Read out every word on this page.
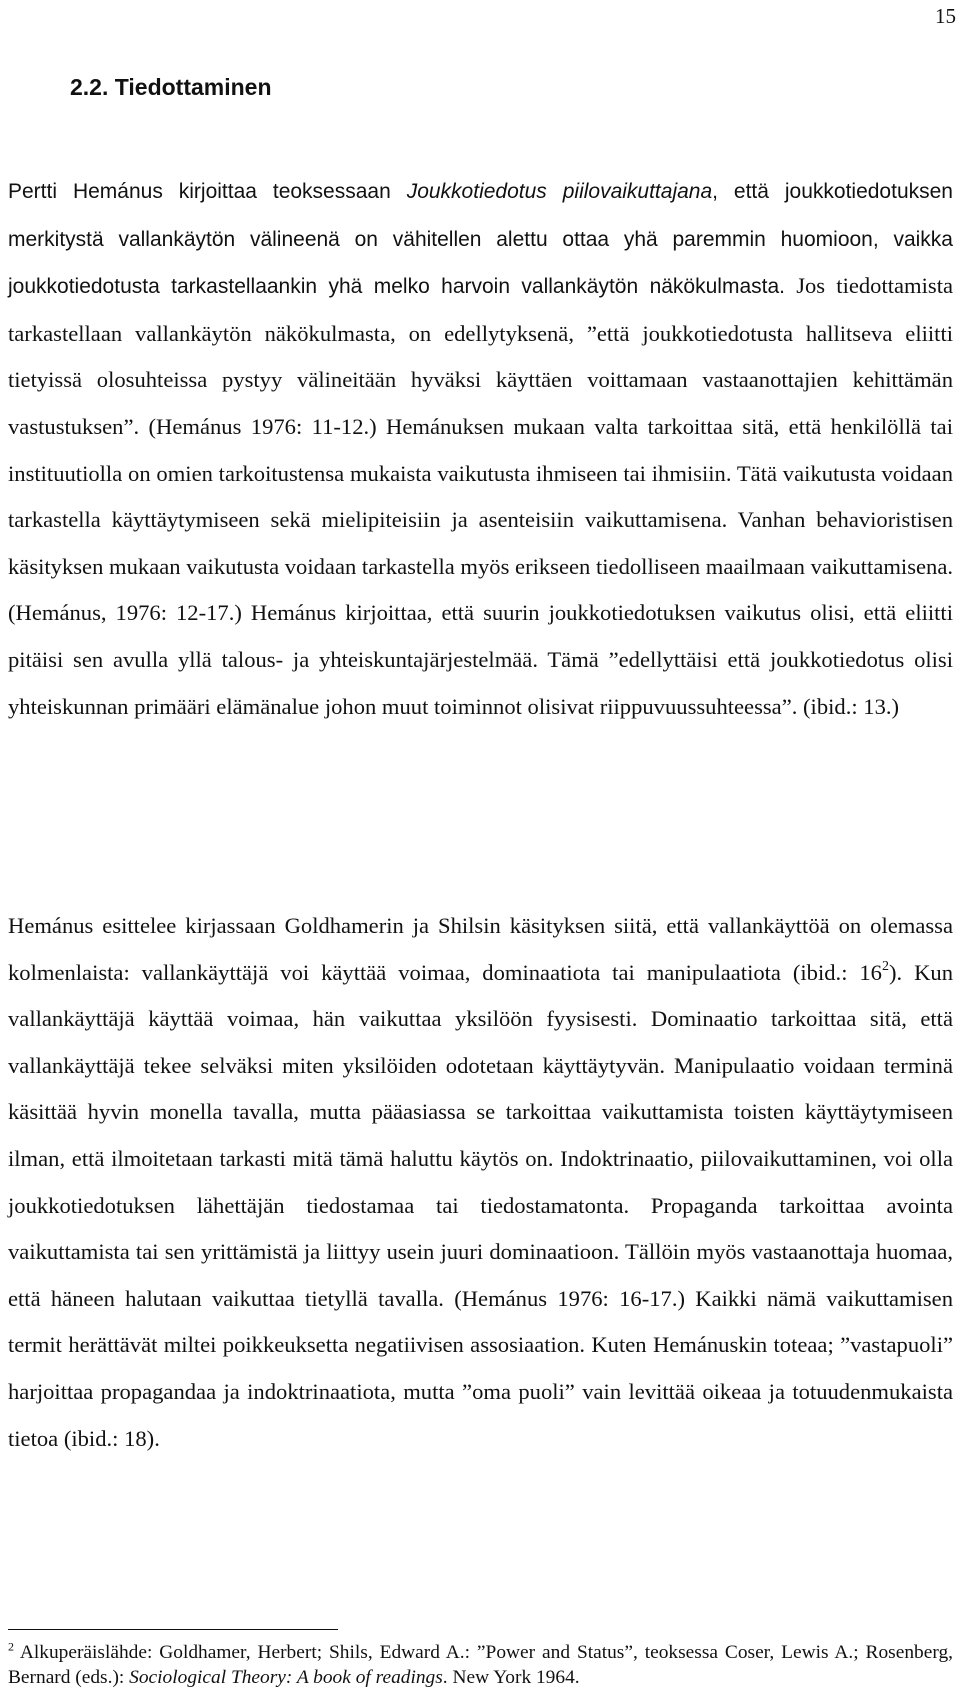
15
2.2. Tiedottaminen

Pertti Hemánus kirjoittaa teoksessaan Joukkotiedotus piilovaikuttajana, että joukkotiedotuksen merkitystä vallankäytön välineenä on vähitellen alettu ottaa yhä paremmin huomioon, vaikka joukkotiedotusta tarkastellaankin yhä melko harvoin vallankäytön näkökulmasta. Jos tiedottamista tarkastellaan vallankäytön näkökulmasta, on edellytyksenä, ”että joukkotiedotusta hallitseva eliitti tietyissä olosuhteissa pystyy välineitään hyväksi käyttäen voittamaan vastaanottajien kehittämän vastustuksen”. (Hemánus 1976: 11-12.) Hemánuksen mukaan valta tarkoittaa sitä, että henkilöllä tai instituutiolla on omien tarkoitustensa mukaista vaikutusta ihmiseen tai ihmisiin. Tätä vaikutusta voidaan tarkastella käyttäytymiseen sekä mielipiteisiin ja asenteisiin vaikuttamisena. Vanhan behavioristisen käsityksen mukaan vaikutusta voidaan tarkastella myös erikseen tiedolliseen maailmaan vaikuttamisena. (Hemánus, 1976: 12-17.) Hemánus kirjoittaa, että suurin joukkotiedotuksen vaikutus olisi, että eliitti pitäisi sen avulla yllä talous- ja yhteiskuntajärjestelmää. Tämä ”edellyttäisi että joukkotiedotus olisi yhteiskunnan primääri elämänalue johon muut toiminnot olisivat riippuvuussuhteessa”. (ibid.: 13.)

Hemánus esittelee kirjassaan Goldhamerin ja Shilsin käsityksen siitä, että vallankäyttöä on olemassa kolmenlaista: vallankäyttäjä voi käyttää voimaa, dominaatiota tai manipulaatiota (ibid.: $16^2$). Kun vallankäyttäjä käyttää voimaa, hän vaikuttaa yksilöön fyysisesti. Dominaatio tarkoittaa sitä, että vallankäyttäjä tekee selväksi miten yksilöiden odotetaan käyttäytyvän. Manipulaatio voidaan terminä käsittää hyvin monella tavalla, mutta pääasiassa se tarkoittaa vaikuttamista toisten käyttäytymiseen ilman, että ilmoitetaan tarkasti mitä tämä haluttu käytös on. Indoktrinaatio, piilovaikuttaminen, voi olla joukkotiedotuksen lähettäjän tiedostamaa tai tiedostamatonta. Propaganda tarkoittaa avointa vaikuttamista tai sen yrittämistä ja liittyy usein juuri dominaatioon. Tällöin myös vastaanottaja huomaa, että häneen halutaan vaikuttaa tietyllä tavalla. (Hemánus 1976: 16-17.) Kaikki nämä vaikuttamisen termit herättävät miltei poikkeuksetta negatiivisen assosiaation. Kuten Hemánuskin toteaa; ”vastapuoli” harjoittaa propagandaa ja indoktrinaatiota, mutta ”oma puoli” vain levittää oikeaa ja totuudenmukaista tietoa (ibid.: 18).

$^2$ Alkuperäislähde: Goldhamer, Herbert; Shils, Edward A.: ”Power and Status”, teoksessa Coser, Lewis A.; Rosenberg, Bernard (eds.): Sociological Theory: A book of readings. New York 1964.
